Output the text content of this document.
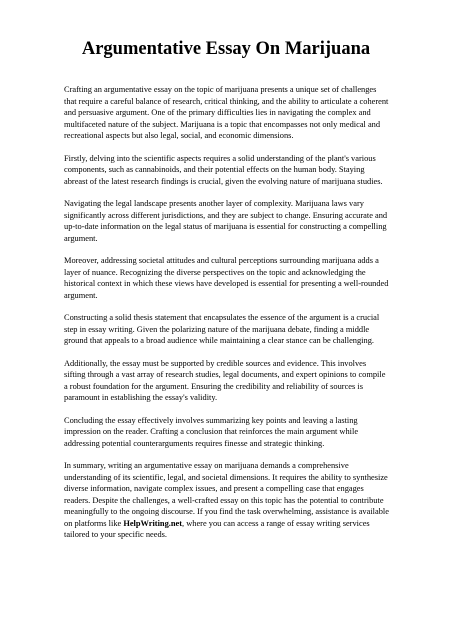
Argumentative Essay On Marijuana
Crafting an argumentative essay on the topic of marijuana presents a unique set of challenges
that require a careful balance of research, critical thinking, and the ability to articulate a coherent
and persuasive argument. One of the primary difficulties lies in navigating the complex and
multifaceted nature of the subject. Marijuana is a topic that encompasses not only medical and
recreational aspects but also legal, social, and economic dimensions.
Firstly, delving into the scientific aspects requires a solid understanding of the plant's various
components, such as cannabinoids, and their potential effects on the human body. Staying
abreast of the latest research findings is crucial, given the evolving nature of marijuana studies.
Navigating the legal landscape presents another layer of complexity. Marijuana laws vary
significantly across different jurisdictions, and they are subject to change. Ensuring accurate and
up-to-date information on the legal status of marijuana is essential for constructing a compelling
argument.
Moreover, addressing societal attitudes and cultural perceptions surrounding marijuana adds a
layer of nuance. Recognizing the diverse perspectives on the topic and acknowledging the
historical context in which these views have developed is essential for presenting a well-rounded
argument.
Constructing a solid thesis statement that encapsulates the essence of the argument is a crucial
step in essay writing. Given the polarizing nature of the marijuana debate, finding a middle
ground that appeals to a broad audience while maintaining a clear stance can be challenging.
Additionally, the essay must be supported by credible sources and evidence. This involves
sifting through a vast array of research studies, legal documents, and expert opinions to compile
a robust foundation for the argument. Ensuring the credibility and reliability of sources is
paramount in establishing the essay's validity.
Concluding the essay effectively involves summarizing key points and leaving a lasting
impression on the reader. Crafting a conclusion that reinforces the main argument while
addressing potential counterarguments requires finesse and strategic thinking.
In summary, writing an argumentative essay on marijuana demands a comprehensive
understanding of its scientific, legal, and societal dimensions. It requires the ability to synthesize
diverse information, navigate complex issues, and present a compelling case that engages
readers. Despite the challenges, a well-crafted essay on this topic has the potential to contribute
meaningfully to the ongoing discourse. If you find the task overwhelming, assistance is available
on platforms like HelpWriting.net, where you can access a range of essay writing services
tailored to your specific needs.
